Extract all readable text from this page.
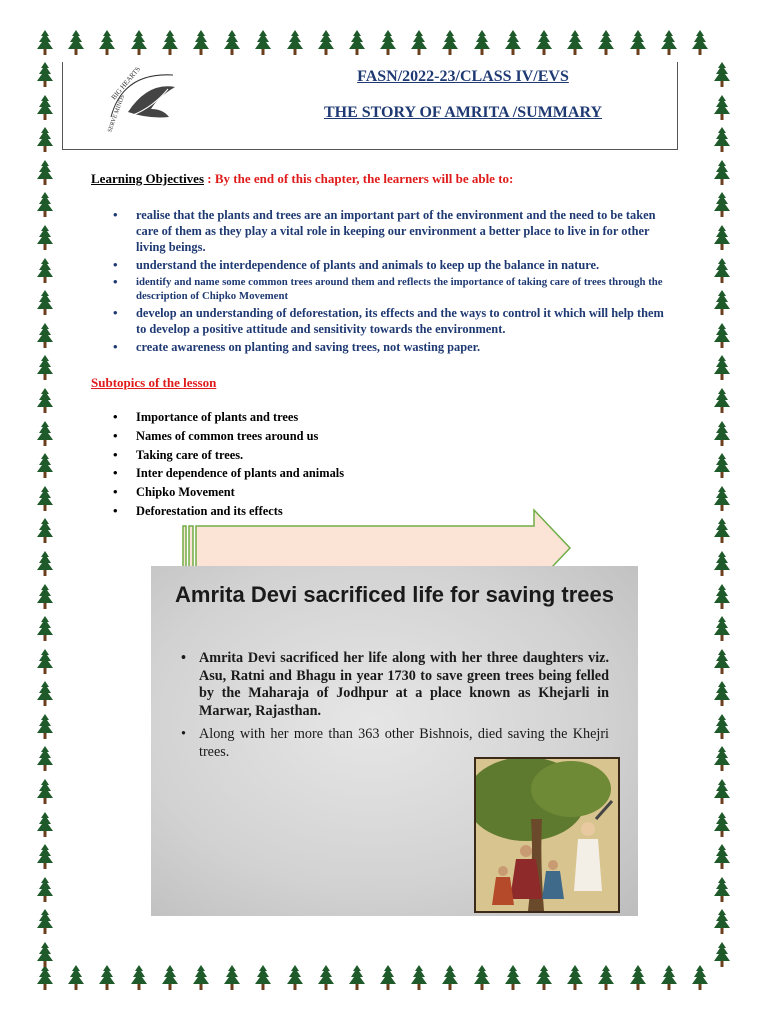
BIG HEARTS
SERVE MINDS
FASN/2022-23/CLASS IV/EVS
THE STORY OF AMRITA /SUMMARY
Learning Objectives : By the end of this chapter, the learners will be able to:
• realise that the plants and trees are an important part of the environment and the need to be taken care of them as they play a vital role in keeping our environment a better place to live in for other living beings.
• understand the interdependence of plants and animals to keep up the balance in nature.
• identify and name some common trees around them and reflects the importance of taking care of trees through the description of Chipko Movement
• develop an understanding of deforestation, its effects and the ways to control it which will help them to develop a positive attitude and sensitivity towards the environment.
• create awareness on planting and saving trees, not wasting paper.
Subtopics of the lesson
• Importance of plants and trees
• Names of common trees around us
• Taking care of trees.
• Inter dependence of plants and animals
• Chipko Movement
• Deforestation and its effects
Amrita Devi sacrificed life for saving trees
• Amrita Devi sacrificed her life along with her three daughters viz. Asu, Ratni and Bhagu in year 1730 to save green trees being felled by the Maharaja of Jodhpur at a place known as Khejarli in Marwar, Rajasthan.
• Along with her more than 363 other Bishnois, died saving the Khejri trees.
